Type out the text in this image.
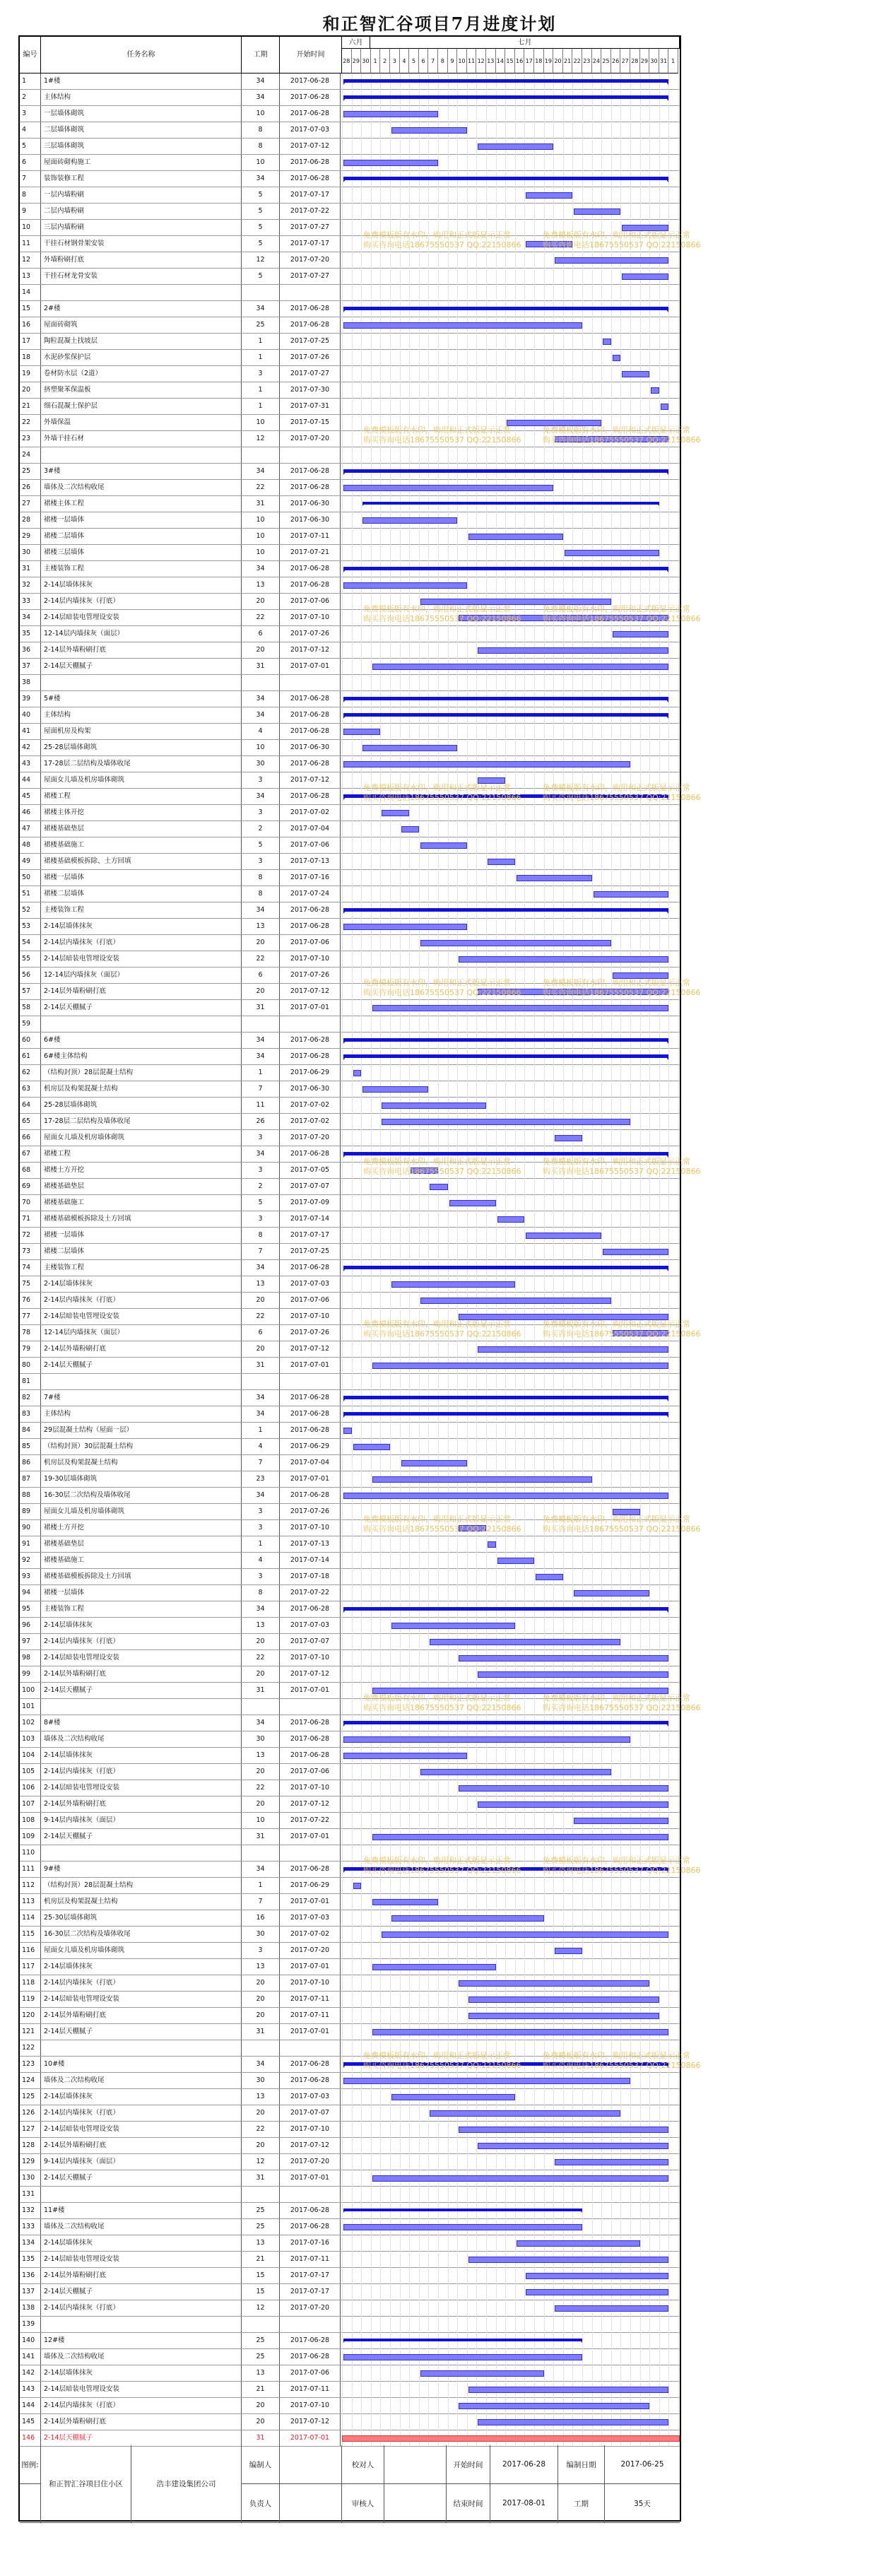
和正智汇谷项目7月进度计划
编号	任务名称	工期	开始时间
六月	七月
28 29 30 1	2	3	4	5	6	7	8	9 10 11 12 13 14 15 16 17 18 19 20 21 22 23 24 25 26 27 28 29 30 31 1
1	1#楼	34	2017-06-28
2	主体结构	34	2017-06-28
3	一层墙体砌筑	10	2017-06-28
4	二层墙体砌筑	8	2017-07-03
5	三层墙体砌筑	8	2017-07-12
6	屋面砖砌构施工	10	2017-06-28
7	装饰装修工程	34	2017-06-28
8	一层内墙粉刷	5	2017-07-17
9	二层内墙粉刷	5	2017-07-22
10	三层内墙粉刷	5	2017-07-27
11	干挂石材钢骨架安装	5	2017-07-17
12	外墙粉刷打底	12	2017-07-20
13	干挂石材龙骨安装	5	2017-07-27
14
15	2#楼	34	2017-06-28
16	屋面砖砌筑	25	2017-06-28
17	陶粒混凝土找坡层	1	2017-07-25
18	水泥砂浆保护层	1	2017-07-26
19	卷材防水层（2道）	3	2017-07-27
20	挤塑聚苯保温板	1	2017-07-30
21	细石混凝土保护层	1	2017-07-31
22	外墙保温	10	2017-07-15
23	外墙干挂石材	12	2017-07-20
24
25	3#楼	34	2017-06-28
26	墙体及二次结构收尾	22	2017-06-28
27	裙楼主体工程	31	2017-06-30
28	裙楼一层墙体	10	2017-06-30
29	裙楼二层墙体	10	2017-07-11
30	裙楼三层墙体	10	2017-07-21
31	主楼装饰工程	34	2017-06-28
32	2-14层墙体抹灰	13	2017-06-28
33	2-14层内墙抹灰（打底）	20	2017-07-06
34	2-14层暗装电管埋设安装	22	2017-07-10
35	12-14层内墙抹灰（面层）	6	2017-07-26
36	2-14层外墙粉刷打底	20	2017-07-12
37	2-14层天棚腻子	31	2017-07-01
38
39	5#楼	34	2017-06-28
40	主体结构	34	2017-06-28
41	屋面机房及构架	4	2017-06-28
42	25-28层墙体砌筑	10	2017-06-30
43	17-28层二层结构及墙体收尾	30	2017-06-28
44	屋面女儿墙及机房墙体砌筑	3	2017-07-12
45	裙楼工程	34	2017-06-28
46	裙楼主体开挖	3	2017-07-02
47	裙楼基础垫层	2	2017-07-04
48	裙楼基础施工	5	2017-07-06
49	裙楼基础模板拆除、土方回填	3	2017-07-13
50	裙楼一层墙体	8	2017-07-16
51	裙楼二层墙体	8	2017-07-24
52	主楼装饰工程	34	2017-06-28
53	2-14层墙体抹灰	13	2017-06-28
54	2-14层内墙抹灰（打底）	20	2017-07-06
55	2-14层暗装电管埋设安装	22	2017-07-10
56	12-14层内墙抹灰（面层）	6	2017-07-26
57	2-14层外墙粉刷打底	20	2017-07-12
58	2-14层天棚腻子	31	2017-07-01
59
60	6#楼	34	2017-06-28
61	6#楼主体结构	34	2017-06-28
62	（结构封顶）28层混凝土结构	1	2017-06-29
63	机房层及构架混凝土结构	7	2017-06-30
64	25-28层墙体砌筑	11	2017-07-02
65	17-28层二层结构及墙体收尾	26	2017-07-02
66	屋面女儿墙及机房墙体砌筑	3	2017-07-20
67	裙楼工程	34	2017-06-28
68	裙楼土方开挖	3	2017-07-05
69	裙楼基础垫层	2	2017-07-07
70	裙楼基础施工	5	2017-07-09
71	裙楼基础模板拆除及土方回填	3	2017-07-14
72	裙楼一层墙体	8	2017-07-17
73	裙楼二层墙体	7	2017-07-25
74	主楼装饰工程	34	2017-06-28
75	2-14层墙体抹灰	13	2017-07-03
76	2-14层内墙抹灰（打底）	20	2017-07-06
77	2-14层暗装电管埋设安装	22	2017-07-10
78	12-14层内墙抹灰（面层）	6	2017-07-26
79	2-14层外墙粉刷打底	20	2017-07-12
80	2-14层天棚腻子	31	2017-07-01
81
82	7#楼	34	2017-06-28
83	主体结构	34	2017-06-28
84	29层混凝土结构（屋面一层）	1	2017-06-28
85	（结构封顶）30层混凝土结构	4	2017-06-29
86	机房层及构架混凝土结构	7	2017-07-04
87	19-30层墙体砌筑	23	2017-07-01
88	16-30层二次结构及墙体收尾	34	2017-06-28
89	屋面女儿墙及机房墙体砌筑	3	2017-07-26
90	裙楼土方开挖	3	2017-07-10
91	裙楼基础垫层	1	2017-07-13
92	裙楼基础施工	4	2017-07-14
93	裙楼基础模板拆除及土方回填	3	2017-07-18
94	裙楼一层墙体	8	2017-07-22
95	主楼装饰工程	34	2017-06-28
96	2-14层墙体抹灰	13	2017-07-03
97	2-14层内墙抹灰（打底）	20	2017-07-07
98	2-14层暗装电管埋设安装	22	2017-07-10
99	2-14层外墙粉刷打底	20	2017-07-12
100	2-14层天棚腻子	31	2017-07-01
101
102	8#楼	34	2017-06-28
103	墙体及二次结构收尾	30	2017-06-28
104	2-14层墙体抹灰	13	2017-06-28
105	2-14层内墙抹灰（打底）	20	2017-07-06
106	2-14层暗装电管埋设安装	22	2017-07-10
107	2-14层外墙粉刷打底	20	2017-07-12
108	9-14层内墙抹灰（面层）	10	2017-07-22
109	2-14层天棚腻子	31	2017-07-01
110
111	9#楼	34	2017-06-28
112	（结构封顶）28层混凝土结构	1	2017-06-29
113	机房层及构架混凝土结构	7	2017-07-01
114	25-30层墙体砌筑	16	2017-07-03
115	16-30层二次结构及墙体收尾	30	2017-07-02
116	屋面女儿墙及机房墙体砌筑	3	2017-07-20
117	2-14层墙体抹灰	13	2017-07-01
118	2-14层内墙抹灰（打底）	20	2017-07-10
119	2-14层暗装电管埋设安装	20	2017-07-11
120	2-14层外墙粉刷打底	20	2017-07-11
121	2-14层天棚腻子	31	2017-07-01
122
123	10#楼	34	2017-06-28
124	墙体及二次结构收尾	30	2017-06-28
125	2-14层墙体抹灰	13	2017-07-03
126	2-14层内墙抹灰（打底）	20	2017-07-07
127	2-14层暗装电管埋设安装	22	2017-07-10
128	2-14层外墙粉刷打底	20	2017-07-12
129	9-14层内墙抹灰（面层）	12	2017-07-20
130	2-14层天棚腻子	31	2017-07-01
131
132	11#楼	25	2017-06-28
133	墙体及二次结构收尾	25	2017-06-28
134	2-14层墙体抹灰	13	2017-07-16
135	2-14层暗装电管埋设安装	21	2017-07-11
136	2-14层外墙粉刷打底	15	2017-07-17
137	2-14层天棚腻子	15	2017-07-17
138	2-14层内墙抹灰（打底）	12	2017-07-20
139
140	12#楼	25	2017-06-28
141	墙体及二次结构收尾	25	2017-06-28
142	2-14层墙体抹灰	13	2017-07-06
143	2-14层暗装电管埋设安装	21	2017-07-11
144	2-14层内墙抹灰（打底）	20	2017-07-10
145	2-14层外墙粉刷打底	20	2017-07-12
146	2-14层天棚腻子	31	2017-07-01
图例:
和正智汇谷项目住小区	浩丰建设集团公司
编制人	校对人	开始时间	2017-06-28	编制日期	2017-06-25
负责人	审核人	结束时间	2017-08-01	工期	35天
免费模板版有水印，购用和正式版显示正常
购买咨询电话18675550537 QQ:22150866
免费模板版有水印，购用和正式版显示正常
购买咨询电话18675550537 QQ:22150866
免费模板版有水印，购用和正式版显示正常
购买咨询电话18675550537 QQ:22150866
免费模板版有水印，购用和正式版显示正常
购买咨询电话18675550537 QQ:22150866
免费模板版有水印，购用和正式版显示正常
购买咨询电话18675550537 QQ:22150866
免费模板版有水印，购用和正式版显示正常
购买咨询电话18675550537 QQ:22150866
免费模板版有水印，购用和正式版显示正常
购买咨询电话18675550537 QQ:22150866
免费模板版有水印，购用和正式版显示正常
购买咨询电话18675550537 QQ:22150866
免费模板版有水印，购用和正式版显示正常
购买咨询电话18675550537 QQ:22150866
免费模板版有水印，购用和正式版显示正常
购买咨询电话18675550537 QQ:22150866
免费模板版有水印，购用和正式版显示正常
购买咨询电话18675550537 QQ:22150866
免费模板版有水印，购用和正式版显示正常
购买咨询电话18675550537 QQ:22150866
免费模板版有水印，购用和正式版显示正常
购买咨询电话18675550537 QQ:22150866
免费模板版有水印，购用和正式版显示正常
购买咨询电话18675550537 QQ:22150866
免费模板版有水印，购用和正式版显示正常
购买咨询电话18675550537 QQ:22150866
免费模板版有水印，购用和正式版显示正常
购买咨询电话18675550537 QQ:22150866
免费模板版有水印，购用和正式版显示正常
购买咨询电话18675550537 QQ:22150866
免费模板版有水印，购用和正式版显示正常
购买咨询电话18675550537 QQ:22150866
免费模板版有水印，购用和正式版显示正常
购买咨询电话18675550537 QQ:22150866
免费模板版有水印，购用和正式版显示正常
购买咨询电话18675550537 QQ:22150866
免费模板版有水印，购用和正式版显示正常
购买咨询电话18675550537 QQ:22150866
免费模板版有水印，购用和正式版显示正常
购买咨询电话18675550537 QQ:22150866
